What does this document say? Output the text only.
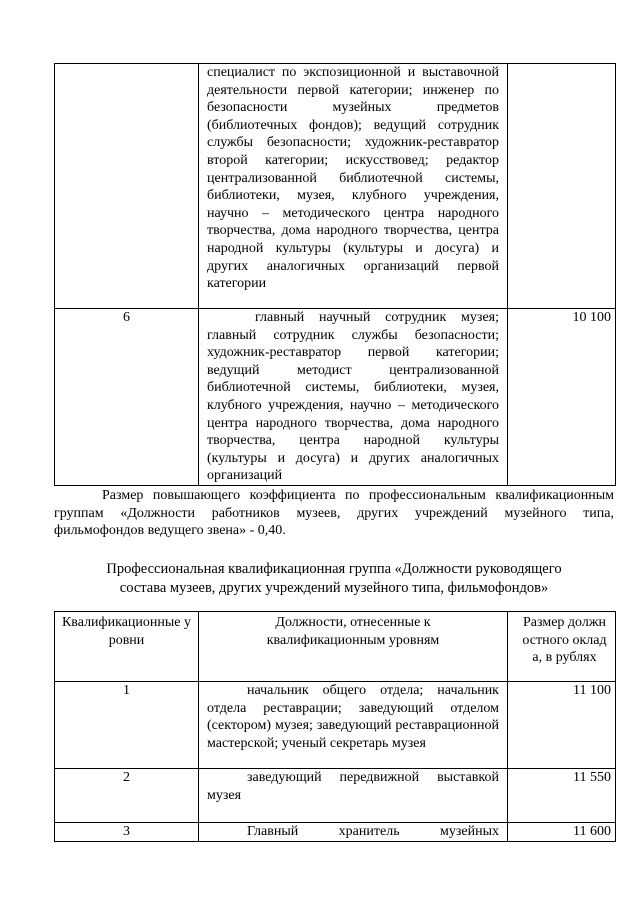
	специалист по экспозиционной и выставочной деятельности первой категории; инженер по безопасности музейных предметов (библиотечных фондов); ведущий сотрудник службы безопасности; художник-реставратор второй категории; искусствовед; редактор централизованной библиотечной системы, библиотеки, музея, клубного учреждения, научно – методического центра народного творчества, дома народного творчества, центра народной культуры (культуры и досуга) и других аналогичных организаций первой категории	
6	главный научный сотрудник музея; главный сотрудник службы безопасности; художник-реставратор первой категории; ведущий методист централизованной библиотечной системы, библиотеки, музея, клубного учреждения, научно – методического центра народного творчества, дома народного творчества, центра народной культуры (культуры и досуга) и других аналогичных организаций	10 100
Размер повышающего коэффициента по профессиональным квалификационным группам «Должности работников музеев, других учреждений музейного типа, фильмофондов ведущего звена» - 0,40.
Профессиональная квалификационная группа «Должности руководящего
состава музеев, других учреждений музейного типа, фильмофондов»
Квалификационные уровни	Должности, отнесенные к квалификационным уровням	Размер должностного оклада, в рублях
1	начальник общего отдела; начальник отдела реставрации; заведующий отделом (сектором) музея; заведующий реставрационной мастерской; ученый секретарь музея	11 100
2	заведующий передвижной выставкой музея	11 550
3	Главный хранитель музейных	11 600
